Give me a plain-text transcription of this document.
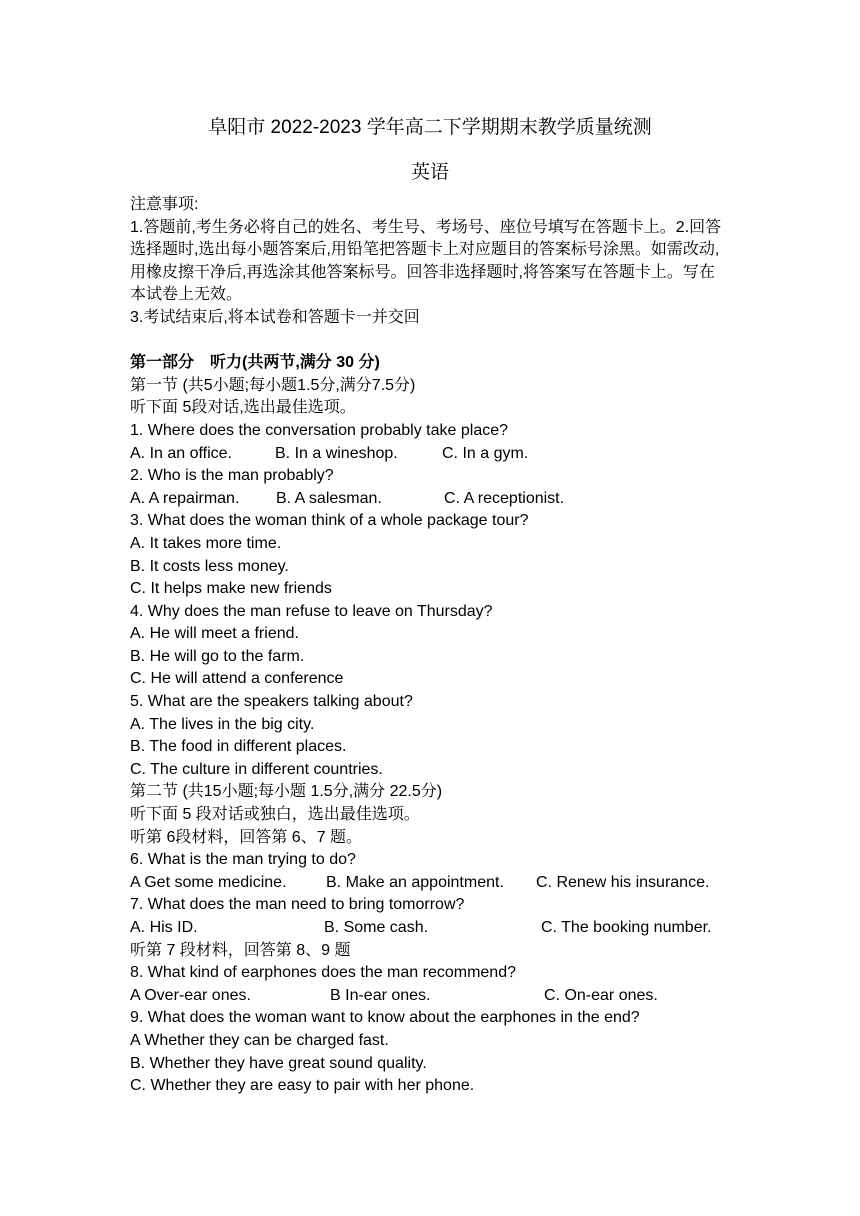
阜阳市 2022-2023 学年高二下学期期末教学质量统测
英语
注意事项:
1.答题前,考生务必将自己的姓名、考生号、考场号、座位号填写在答题卡上。2.回答选择题时,选出每小题答案后,用铅笔把答题卡上对应题目的答案标号涂黑。如需改动,用橡皮擦干净后,再选涂其他答案标号。回答非选择题时,将答案写在答题卡上。写在本试卷上无效。
3.考试结束后,将本试卷和答题卡一并交回
第一部分　听力(共两节,满分 30 分)
第一节 (共5小题;每小题1.5分,满分7.5分)
听下面 5段对话,选出最佳选项。
1. Where does the conversation probably take place?
A. In an office.	B. In a wineshop.	C. In a gym.
2. Who is the man probably?
A. A repairman. B. A salesman.	C. A receptionist.
3. What does the woman think of a whole package tour?
A. It takes more time.
B. It costs less money.
C. It helps make new friends
4. Why does the man refuse to leave on Thursday?
A. He will meet a friend.
B. He will go to the farm.
C. He will attend a conference
5. What are the speakers talking about?
A. The lives in the big city.
B. The food in different places.
C. The culture in different countries.
第二节 (共15小题;每小题 1.5分,满分 22.5分)
听下面 5 段对话或独白，选出最佳选项。
听第 6段材料，回答第 6、7 题。
6. What is the man trying to do?
A Get some medicine. B. Make an appointment. C. Renew his insurance.
7. What does the man need to bring tomorrow?
A. His ID.	B. Some cash.	C. The booking number.
听第 7 段材料，回答第 8、9 题
8. What kind of earphones does the man recommend?
A Over-ear ones.	B In-ear ones.	C. On-ear ones.
9. What does the woman want to know about the earphones in the end?
A Whether they can be charged fast.
B. Whether they have great sound quality.
C. Whether they are easy to pair with her phone.
